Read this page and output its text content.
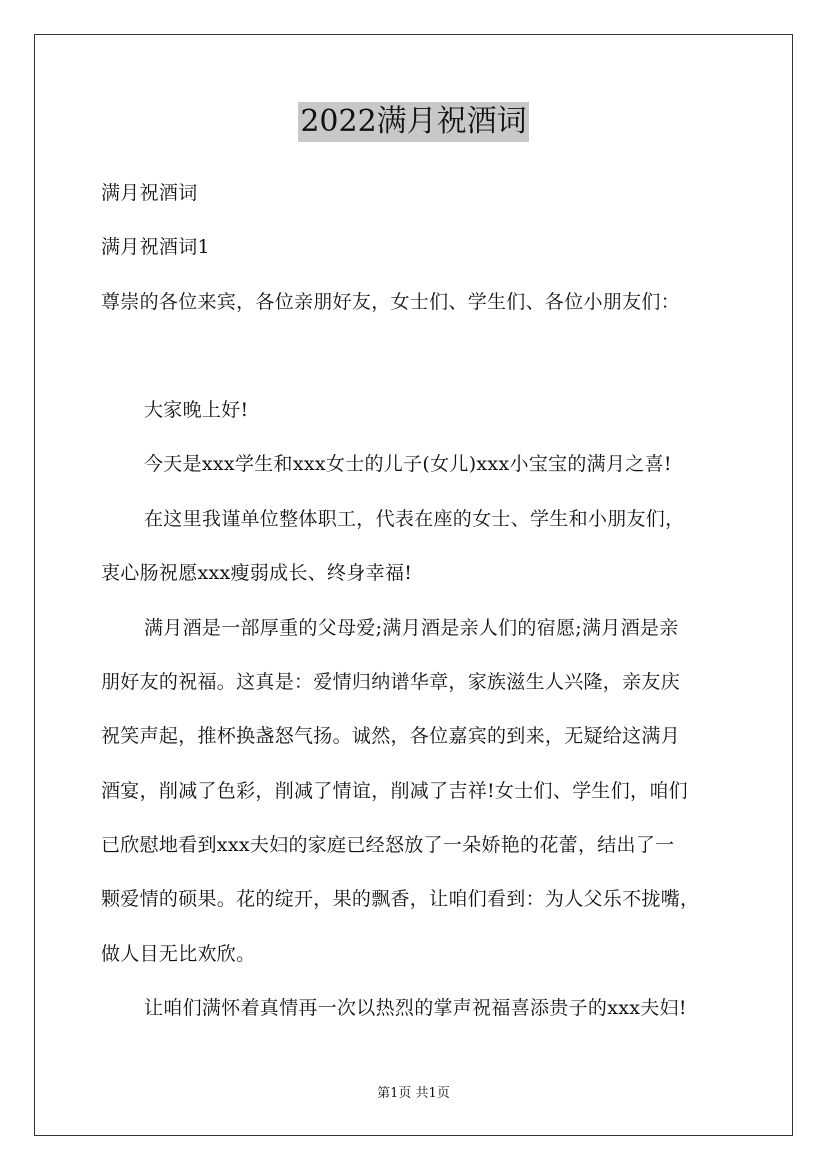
2022满月祝酒词
满月祝酒词
满月祝酒词1
尊崇的各位来宾，各位亲朋好友，女士们、学生们、各位小朋友们：
大家晚上好!
今天是xxx学生和xxx女士的儿子(女儿)xxx小宝宝的满月之喜!
在这里我谨单位整体职工，代表在座的女士、学生和小朋友们，
衷心肠祝愿xxx瘦弱成长、终身幸福!
满月酒是一部厚重的父母爱;满月酒是亲人们的宿愿;满月酒是亲
朋好友的祝福。这真是：爱情归纳谱华章，家族滋生人兴隆，亲友庆
祝笑声起，推杯换盏怒气扬。诚然，各位嘉宾的到来，无疑给这满月
酒宴，削减了色彩，削减了情谊，削减了吉祥!女士们、学生们，咱们
已欣慰地看到xxx夫妇的家庭已经怒放了一朵娇艳的花蕾，结出了一
颗爱情的硕果。花的绽开，果的飘香，让咱们看到：为人父乐不拢嘴，
做人目无比欢欣。
让咱们满怀着真情再一次以热烈的掌声祝福喜添贵子的xxx夫妇!
第1页 共1页
